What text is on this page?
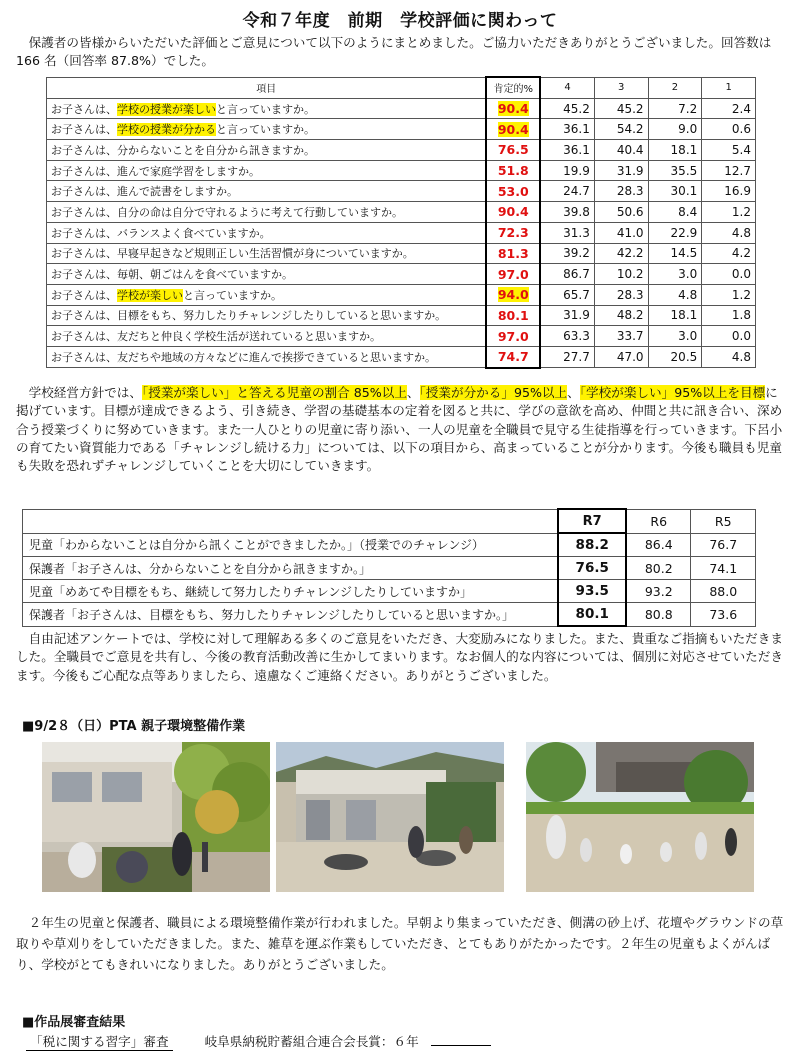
令和７年度　前期　学校評価に関わって
保護者の皆様からいただいた評価とご意見について以下のようにまとめました。ご協力いただきありがとうございました。回答数は 166 名（回答率 87.8%）でした。
項目	肯定的%	4	3	2	1
お子さんは、学校の授業が楽しいと言っていますか。	90.4	45.2	45.2	7.2	2.4
お子さんは、学校の授業が分かると言っていますか。	90.4	36.1	54.2	9.0	0.6
お子さんは、分からないことを自分から訊きますか。	76.5	36.1	40.4	18.1	5.4
お子さんは、進んで家庭学習をしますか。	51.8	19.9	31.9	35.5	12.7
お子さんは、進んで読書をしますか。	53.0	24.7	28.3	30.1	16.9
お子さんは、自分の命は自分で守れるように考えて行動していますか。	90.4	39.8	50.6	8.4	1.2
お子さんは、バランスよく食べていますか。	72.3	31.3	41.0	22.9	4.8
お子さんは、早寝早起きなど規則正しい生活習慣が身についていますか。	81.3	39.2	42.2	14.5	4.2
お子さんは、毎朝、朝ごはんを食べていますか。	97.0	86.7	10.2	3.0	0.0
お子さんは、学校が楽しいと言っていますか。	94.0	65.7	28.3	4.8	1.2
お子さんは、目標をもち、努力したりチャレンジしたりしていると思いますか。	80.1	31.9	48.2	18.1	1.8
お子さんは、友だちと仲良く学校生活が送れていると思いますか。	97.0	63.3	33.7	3.0	0.0
お子さんは、友だちや地域の方々などに進んで挨拶できていると思いますか。	74.7	27.7	47.0	20.5	4.8
学校経営方針では、「授業が楽しい」と答える児童の割合 85%以上、「授業が分かる」95%以上、「学校が楽しい」95%以上を目標に掲げています。目標が達成できるよう、引き続き、学習の基礎基本の定着を図ると共に、学びの意欲を高め、仲間と共に訊き合い、深め合う授業づくりに努めていきます。また一人ひとりの児童に寄り添い、一人の児童を全職員で見守る生徒指導を行っていきます。下呂小の育てたい資質能力である「チャレンジし続ける力」については、以下の項目から、高まっていることが分かります。今後も職員も児童も失敗を恐れずチャレンジしていくことを大切にしていきます。
	R7	R6	R5
児童「わからないことは自分から訊くことができましたか。」（授業でのチャレンジ）	88.2	86.4	76.7
保護者「お子さんは、分からないことを自分から訊きますか。」	76.5	80.2	74.1
児童「めあてや目標をもち、継続して努力したりチャレンジしたりしていますか」	93.5	93.2	88.0
保護者「お子さんは、目標をもち、努力したりチャレンジしたりしていると思いますか。」	80.1	80.8	73.6
自由記述アンケートでは、学校に対して理解ある多くのご意見をいただき、大変励みになりました。また、貴重なご指摘もいただきました。全職員でご意見を共有し、今後の教育活動改善に生かしてまいります。なお個人的な内容については、個別に対応させていただきます。今後もご心配な点等ありましたら、遠慮なくご連絡ください。ありがとうございました。
■9/2８（日）PTA 親子環境整備作業
２年生の児童と保護者、職員による環境整備作業が行われました。早朝より集まっていただき、側溝の砂上げ、花壇やグラウンドの草取りや草刈りをしていただきました。また、雑草を運ぶ作業もしていただき、とてもありがたかったです。２年生の児童もよくがんばり、学校がとてもきれいになりました。ありがとうございました。
■作品展審査結果
「税に関する習字」審査	岐阜県納税貯蓄組合連合会長賞：６年
